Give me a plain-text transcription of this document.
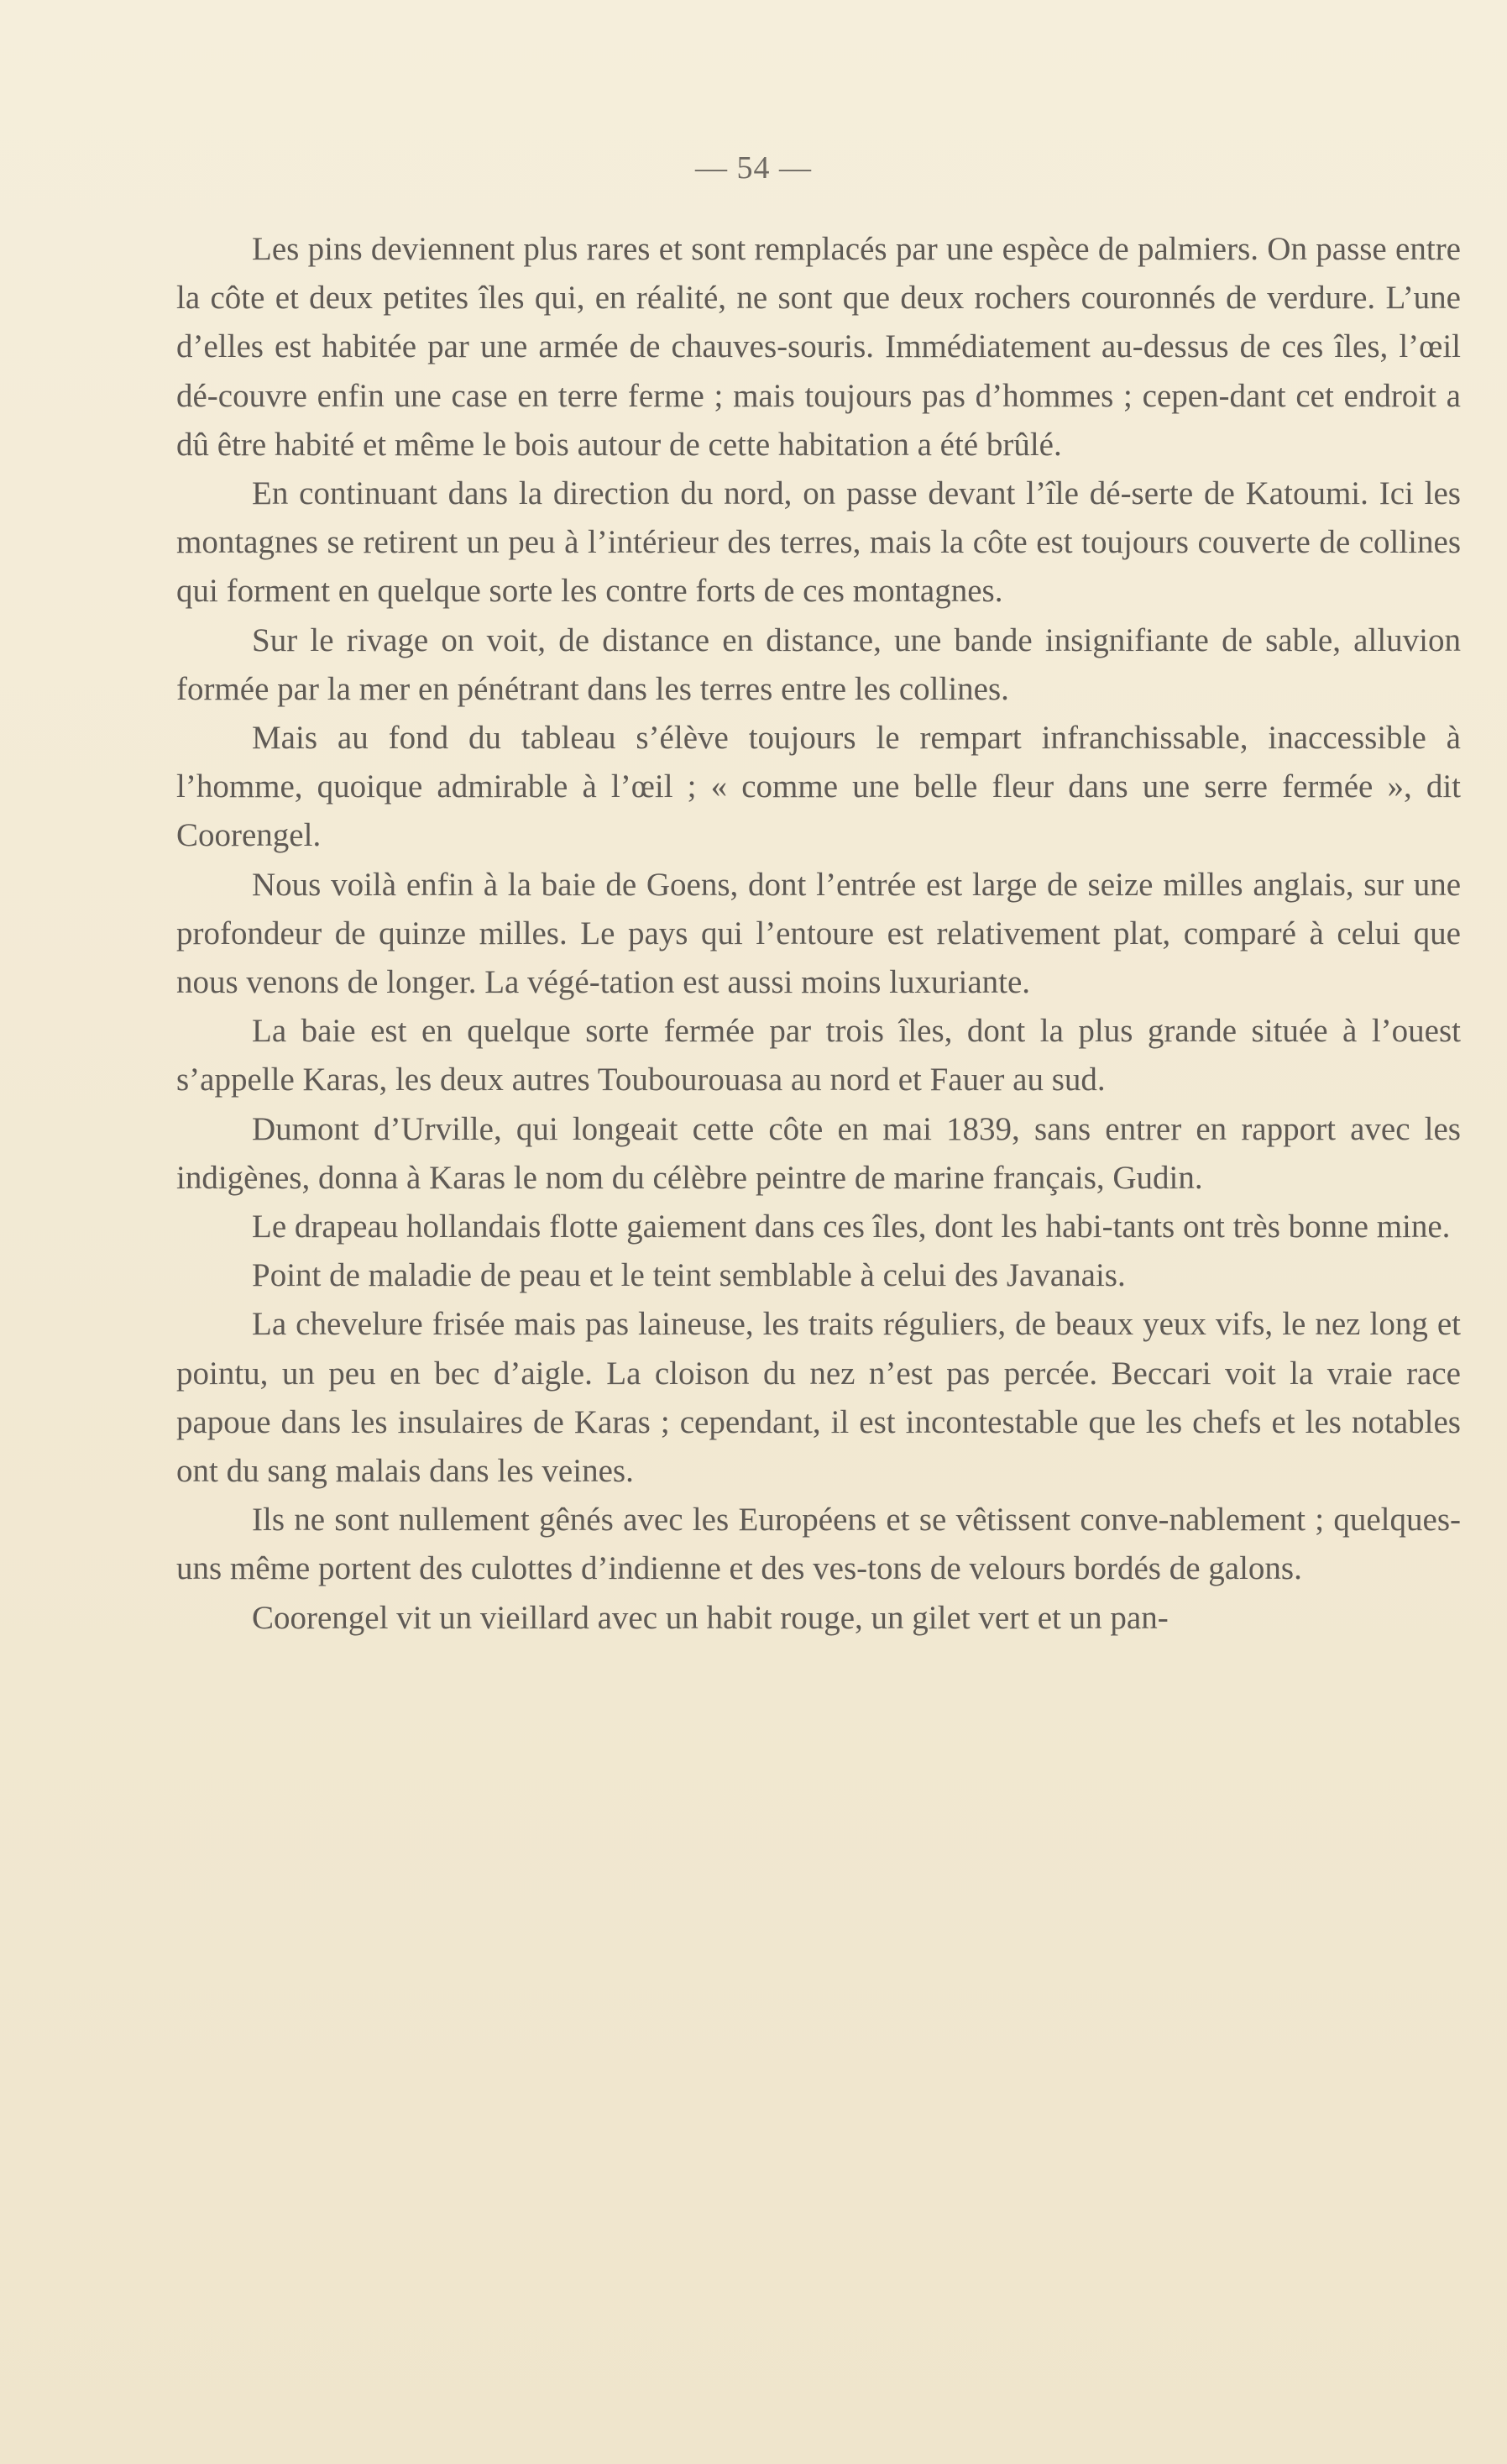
— 54 —

Les pins deviennent plus rares et sont remplacés par une espèce de palmiers. On passe entre la côte et deux petites îles qui, en réalité, ne sont que deux rochers couronnés de verdure. L’une d’elles est habitée par une armée de chauves-souris. Immédiatement au-dessus de ces îles, l’œil dé-couvre enfin une case en terre ferme ; mais toujours pas d’hommes ; cepen-dant cet endroit a dû être habité et même le bois autour de cette habitation a été brûlé.

En continuant dans la direction du nord, on passe devant l’île dé-serte de Katoumi. Ici les montagnes se retirent un peu à l’intérieur des terres, mais la côte est toujours couverte de collines qui forment en quelque sorte les contre forts de ces montagnes.

Sur le rivage on voit, de distance en distance, une bande insignifiante de sable, alluvion formée par la mer en pénétrant dans les terres entre les collines.

Mais au fond du tableau s’élève toujours le rempart infranchissable, inaccessible à l’homme, quoique admirable à l’œil ; « comme une belle fleur dans une serre fermée », dit Coorengel.

Nous voilà enfin à la baie de Goens, dont l’entrée est large de seize milles anglais, sur une profondeur de quinze milles. Le pays qui l’entoure est relativement plat, comparé à celui que nous venons de longer. La végé-tation est aussi moins luxuriante.

La baie est en quelque sorte fermée par trois îles, dont la plus grande située à l’ouest s’appelle Karas, les deux autres Toubourouasa au nord et Fauer au sud.

Dumont d’Urville, qui longeait cette côte en mai 1839, sans entrer en rapport avec les indigènes, donna à Karas le nom du célèbre peintre de marine français, Gudin.

Le drapeau hollandais flotte gaiement dans ces îles, dont les habi-tants ont très bonne mine.

Point de maladie de peau et le teint semblable à celui des Javanais.

La chevelure frisée mais pas laineuse, les traits réguliers, de beaux yeux vifs, le nez long et pointu, un peu en bec d’aigle. La cloison du nez n’est pas percée. Beccari voit la vraie race papoue dans les insulaires de Karas ; cependant, il est incontestable que les chefs et les notables ont du sang malais dans les veines.

Ils ne sont nullement gênés avec les Européens et se vêtissent conve-nablement ; quelques-uns même portent des culottes d’indienne et des ves-tons de velours bordés de galons.

Coorengel vit un vieillard avec un habit rouge, un gilet vert et un pan-
